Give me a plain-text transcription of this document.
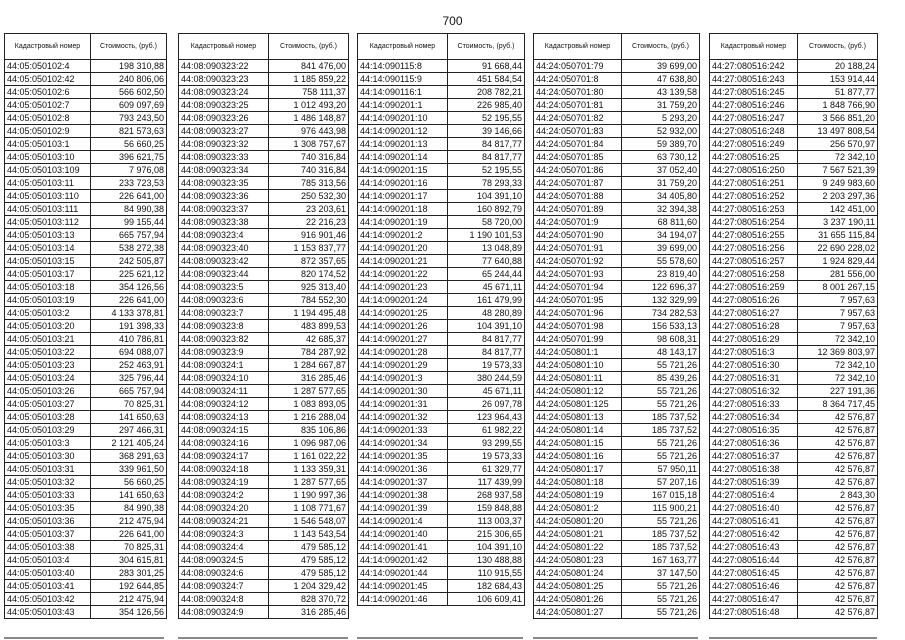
700
Кадастровый номер	Стоимость, (руб.)
44:05:050102:4	198 310,88
44:05:050102:42	240 806,06
44:05:050102:6	566 602,50
44:05:050102:7	609 097,69
44:05:050102:8	793 243,50
44:05:050102:9	821 573,63
44:05:050103:1	56 660,25
44:05:050103:10	396 621,75
44:05:050103:109	7 976,08
44:05:050103:11	233 723,53
44:05:050103:110	226 641,00
44:05:050103:111	84 990,38
44:05:050103:112	99 155,44
44:05:050103:13	665 757,94
44:05:050103:14	538 272,38
44:05:050103:15	242 505,87
44:05:050103:17	225 621,12
44:05:050103:18	354 126,56
44:05:050103:19	226 641,00
44:05:050103:2	4 133 378,81
44:05:050103:20	191 398,33
44:05:050103:21	410 786,81
44:05:050103:22	694 088,07
44:05:050103:23	252 463,91
44:05:050103:24	325 796,44
44:05:050103:26	665 757,94
44:05:050103:27	70 825,31
44:05:050103:28	141 650,63
44:05:050103:29	297 466,31
44:05:050103:3	2 121 405,24
44:05:050103:30	368 291,63
44:05:050103:31	339 961,50
44:05:050103:32	56 660,25
44:05:050103:33	141 650,63
44:05:050103:35	84 990,38
44:05:050103:36	212 475,94
44:05:050103:37	226 641,00
44:05:050103:38	70 825,31
44:05:050103:4	304 615,81
44:05:050103:40	283 301,25
44:05:050103:41	192 644,85
44:05:050103:42	212 475,94
44:05:050103:43	354 126,56
Кадастровый номер	Стоимость, (руб.)
44:08:090323:22	841 476,00
44:08:090323:23	1 185 859,22
44:08:090323:24	758 111,37
44:08:090323:25	1 012 493,20
44:08:090323:26	1 486 148,87
44:08:090323:27	976 443,98
44:08:090323:32	1 308 757,67
44:08:090323:33	740 316,84
44:08:090323:34	740 316,84
44:08:090323:35	785 313,56
44:08:090323:36	250 532,30
44:08:090323:37	23 203,61
44:08:090323:38	22 216,23
44:08:090323:4	916 901,46
44:08:090323:40	1 153 837,77
44:08:090323:42	872 357,65
44:08:090323:44	820 174,52
44:08:090323:5	925 313,40
44:08:090323:6	784 552,30
44:08:090323:7	1 194 495,48
44:08:090323:8	483 899,53
44:08:090323:82	42 685,37
44:08:090323:9	784 287,92
44:08:090324:1	1 284 667,87
44:08:090324:10	316 285,46
44:08:090324:11	1 287 577,65
44:08:090324:12	1 083 893,05
44:08:090324:13	1 216 288,04
44:08:090324:15	835 106,86
44:08:090324:16	1 096 987,06
44:08:090324:17	1 161 022,22
44:08:090324:18	1 133 359,31
44:08:090324:19	1 287 577,65
44:08:090324:2	1 190 997,36
44:08:090324:20	1 108 771,67
44:08:090324:21	1 546 548,07
44:08:090324:3	1 143 543,54
44:08:090324:4	479 585,12
44:08:090324:5	479 585,12
44:08:090324:6	479 585,12
44:08:090324:7	1 204 329,42
44:08:090324:8	828 370,72
44:08:090324:9	316 285,46
Кадастровый номер	Стоимость, (руб.)
44:14:090115:8	91 668,44
44:14:090115:9	451 584,54
44:14:090116:1	208 782,21
44:14:090201:1	226 985,40
44:14:090201:10	52 195,55
44:14:090201:12	39 146,66
44:14:090201:13	84 817,77
44:14:090201:14	84 817,77
44:14:090201:15	52 195,55
44:14:090201:16	78 293,33
44:14:090201:17	104 391,10
44:14:090201:18	160 892,79
44:14:090201:19	58 720,00
44:14:090201:2	1 190 101,53
44:14:090201:20	13 048,89
44:14:090201:21	77 640,88
44:14:090201:22	65 244,44
44:14:090201:23	45 671,11
44:14:090201:24	161 479,99
44:14:090201:25	48 280,89
44:14:090201:26	104 391,10
44:14:090201:27	84 817,77
44:14:090201:28	84 817,77
44:14:090201:29	19 573,33
44:14:090201:3	380 244,59
44:14:090201:30	45 671,11
44:14:090201:31	26 097,78
44:14:090201:32	123 964,43
44:14:090201:33	61 982,22
44:14:090201:34	93 299,55
44:14:090201:35	19 573,33
44:14:090201:36	61 329,77
44:14:090201:37	117 439,99
44:14:090201:38	268 937,58
44:14:090201:39	159 848,88
44:14:090201:4	113 003,37
44:14:090201:40	215 306,65
44:14:090201:41	104 391,10
44:14:090201:42	130 488,88
44:14:090201:44	110 915,55
44:14:090201:45	182 684,43
44:14:090201:46	106 609,41
Кадастровый номер	Стоимость, (руб.)
44:24:050701:79	39 699,00
44:24:050701:8	47 638,80
44:24:050701:80	43 139,58
44:24:050701:81	31 759,20
44:24:050701:82	5 293,20
44:24:050701:83	52 932,00
44:24:050701:84	59 389,70
44:24:050701:85	63 730,12
44:24:050701:86	37 052,40
44:24:050701:87	31 759,20
44:24:050701:88	34 405,80
44:24:050701:89	32 394,38
44:24:050701:9	68 811,60
44:24:050701:90	34 194,07
44:24:050701:91	39 699,00
44:24:050701:92	55 578,60
44:24:050701:93	23 819,40
44:24:050701:94	122 696,37
44:24:050701:95	132 329,99
44:24:050701:96	734 282,53
44:24:050701:98	156 533,13
44:24:050701:99	98 608,31
44:24:050801:1	48 143,17
44:24:050801:10	55 721,26
44:24:050801:11	85 439,26
44:24:050801:12	55 721,26
44:24:050801:125	55 721,26
44:24:050801:13	185 737,52
44:24:050801:14	185 737,52
44:24:050801:15	55 721,26
44:24:050801:16	55 721,26
44:24:050801:17	57 950,11
44:24:050801:18	57 207,16
44:24:050801:19	167 015,18
44:24:050801:2	115 900,21
44:24:050801:20	55 721,26
44:24:050801:21	185 737,52
44:24:050801:22	185 737,52
44:24:050801:23	167 163,77
44:24:050801:24	37 147,50
44:24:050801:25	55 721,26
44:24:050801:26	55 721,26
44:24:050801:27	55 721,26
Кадастровый номер	Стоимость, (руб.)
44:27:080516:242	20 188,24
44:27:080516:243	153 914,44
44:27:080516:245	51 877,77
44:27:080516:246	1 848 766,90
44:27:080516:247	3 566 851,20
44:27:080516:248	13 497 808,54
44:27:080516:249	256 570,97
44:27:080516:25	72 342,10
44:27:080516:250	7 567 521,39
44:27:080516:251	9 249 983,60
44:27:080516:252	2 203 297,36
44:27:080516:253	142 451,00
44:27:080516:254	3 237 190,11
44:27:080516:255	31 655 115,84
44:27:080516:256	22 690 228,02
44:27:080516:257	1 924 829,44
44:27:080516:258	281 556,00
44:27:080516:259	8 001 267,15
44:27:080516:26	7 957,63
44:27:080516:27	7 957,63
44:27:080516:28	7 957,63
44:27:080516:29	72 342,10
44:27:080516:3	12 369 803,97
44:27:080516:30	72 342,10
44:27:080516:31	72 342,10
44:27:080516:32	227 191,36
44:27:080516:33	8 364 717,45
44:27:080516:34	42 576,87
44:27:080516:35	42 576,87
44:27:080516:36	42 576,87
44:27:080516:37	42 576,87
44:27:080516:38	42 576,87
44:27:080516:39	42 576,87
44:27:080516:4	2 843,30
44:27:080516:40	42 576,87
44:27:080516:41	42 576,87
44:27:080516:42	42 576,87
44:27:080516:43	42 576,87
44:27:080516:44	42 576,87
44:27:080516:45	42 576,87
44:27:080516:46	42 576,87
44:27:080516:47	42 576,87
44:27:080516:48	42 576,87
